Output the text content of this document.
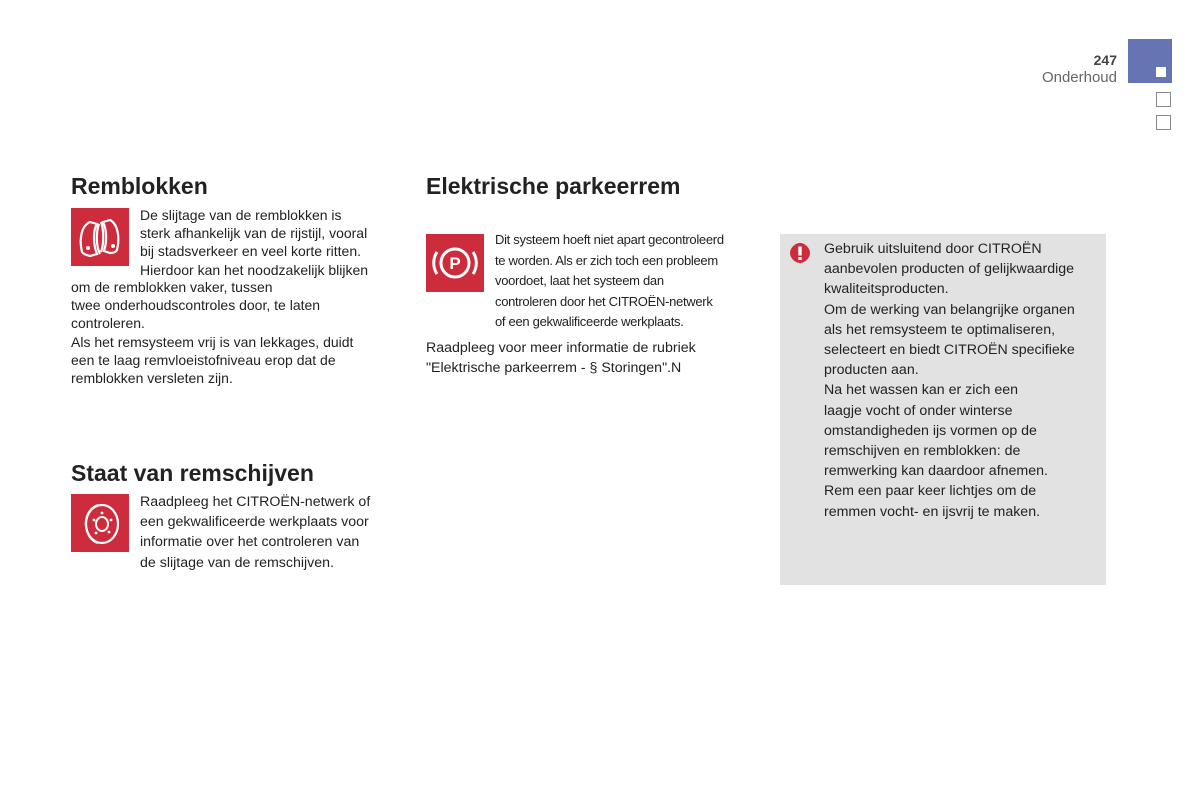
247
Onderhoud
Remblokken
De slijtage van de remblokken is
sterk afhankelijk van de rijstijl, vooral
bij stadsverkeer en veel korte ritten.
Hierdoor kan het noodzakelijk blijken
om de remblokken vaker, tussen
twee onderhoudscontroles door, te laten
controleren.
Als het remsysteem vrij is van lekkages, duidt
een te laag remvloeistofniveau erop dat de
remblokken versleten zijn.
Staat van remschijven
Raadpleeg het CITROËN-netwerk of
een gekwalificeerde werkplaats voor
informatie over het controleren van
de slijtage van de remschijven.
Elektrische parkeerrem
P
Dit systeem hoeft niet apart gecontroleerd
te worden. Als er zich toch een probleem
voordoet, laat het systeem dan
controleren door het CITROËN-netwerk
of een gekwalificeerde werkplaats.
Raadpleeg voor meer informatie de rubriek
"Elektrische parkeerrem - § Storingen".N
Gebruik uitsluitend door CITROËN
aanbevolen producten of gelijkwaardige
kwaliteitsproducten.
Om de werking van belangrijke organen
als het remsysteem te optimaliseren,
selecteert en biedt CITROËN specifieke
producten aan.
Na het wassen kan er zich een
laagje vocht of onder winterse
omstandigheden ijs vormen op de
remschijven en remblokken: de
remwerking kan daardoor afnemen.
Rem een paar keer lichtjes om de
remmen vocht- en ijsvrij te maken.
